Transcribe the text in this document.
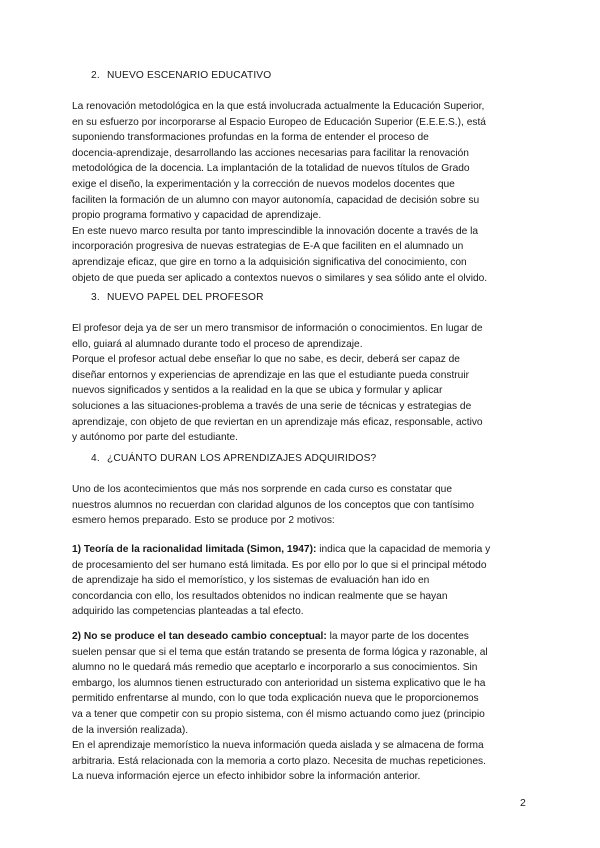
2. NUEVO ESCENARIO EDUCATIVO

La renovación metodológica en la que está involucrada actualmente la Educación Superior,

en su esfuerzo por incorporarse al Espacio Europeo de Educación Superior (E.E.E.S.), está

suponiendo transformaciones profundas en la forma de entender el proceso de

docencia-aprendizaje, desarrollando las acciones necesarias para facilitar la renovación

metodológica de la docencia. La implantación de la totalidad de nuevos títulos de Grado

exige el diseño, la experimentación y la corrección de nuevos modelos docentes que

faciliten la formación de un alumno con mayor autonomía, capacidad de decisión sobre su

propio programa formativo y capacidad de aprendizaje.

En este nuevo marco resulta por tanto imprescindible la innovación docente a través de la

incorporación progresiva de nuevas estrategias de E-A que faciliten en el alumnado un

aprendizaje eficaz, que gire en torno a la adquisición significativa del conocimiento, con

objeto de que pueda ser aplicado a contextos nuevos o similares y sea sólido ante el olvido.

3. NUEVO PAPEL DEL PROFESOR

El profesor deja ya de ser un mero transmisor de información o conocimientos. En lugar de

ello, guiará al alumnado durante todo el proceso de aprendizaje.

Porque el profesor actual debe enseñar lo que no sabe, es decir, deberá ser capaz de

diseñar entornos y experiencias de aprendizaje en las que el estudiante pueda construir

nuevos significados y sentidos a la realidad en la que se ubica y formular y aplicar

soluciones a las situaciones-problema a través de una serie de técnicas y estrategias de

aprendizaje, con objeto de que reviertan en un aprendizaje más eficaz, responsable, activo

y autónomo por parte del estudiante.

4. ¿CUÁNTO DURAN LOS APRENDIZAJES ADQUIRIDOS?

Uno de los acontecimientos que más nos sorprende en cada curso es constatar que

nuestros alumnos no recuerdan con claridad algunos de los conceptos que con tantísimo

esmero hemos preparado. Esto se produce por 2 motivos:

1) Teoría de la racionalidad limitada (Simon, 1947): indica que la capacidad de memoria y

de procesamiento del ser humano está limitada. Es por ello por lo que si el principal método

de aprendizaje ha sido el memorístico, y los sistemas de evaluación han ido en

concordancia con ello, los resultados obtenidos no indican realmente que se hayan

adquirido las competencias planteadas a tal efecto.

2) No se produce el tan deseado cambio conceptual: la mayor parte de los docentes

suelen pensar que si el tema que están tratando se presenta de forma lógica y razonable, al

alumno no le quedará más remedio que aceptarlo e incorporarlo a sus conocimientos. Sin

embargo, los alumnos tienen estructurado con anterioridad un sistema explicativo que le ha

permitido enfrentarse al mundo, con lo que toda explicación nueva que le proporcionemos

va a tener que competir con su propio sistema, con él mismo actuando como juez (principio

de la inversión realizada).

En el aprendizaje memorístico la nueva información queda aislada y se almacena de forma

arbitraria. Está relacionada con la memoria a corto plazo. Necesita de muchas repeticiones.

La nueva información ejerce un efecto inhibidor sobre la información anterior.

2
